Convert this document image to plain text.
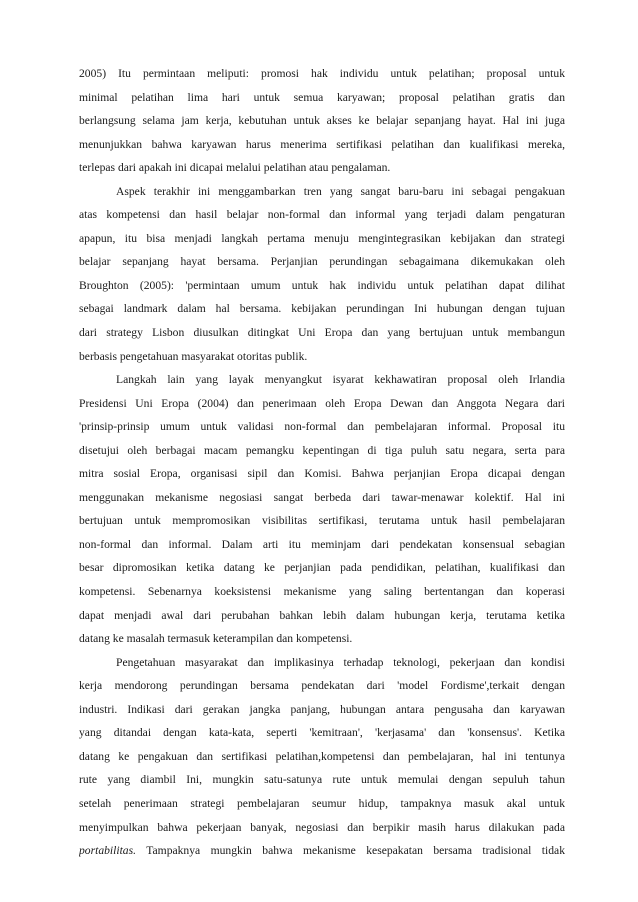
2005) Itu permintaan meliputi: promosi hak individu untuk pelatihan; proposal untuk
minimal pelatihan lima hari untuk semua karyawan; proposal pelatihan gratis dan
berlangsung selama jam kerja, kebutuhan untuk akses ke belajar sepanjang hayat. Hal ini juga
menunjukkan bahwa karyawan harus menerima sertifikasi pelatihan dan kualifikasi mereka,
terlepas dari apakah ini dicapai melalui pelatihan atau pengalaman.
Aspek terakhir ini menggambarkan tren yang sangat baru-baru ini sebagai pengakuan
atas kompetensi dan hasil belajar non-formal dan informal yang terjadi dalam pengaturan
apapun, itu bisa menjadi langkah pertama menuju mengintegrasikan kebijakan dan strategi
belajar sepanjang hayat bersama. Perjanjian perundingan sebagaimana dikemukakan oleh
Broughton (2005): 'permintaan umum untuk hak individu untuk pelatihan dapat dilihat
sebagai landmark dalam hal bersama. kebijakan perundingan Ini hubungan dengan tujuan
dari strategy Lisbon diusulkan ditingkat Uni Eropa dan yang bertujuan untuk membangun
berbasis pengetahuan masyarakat otoritas publik.
Langkah lain yang layak menyangkut isyarat kekhawatiran proposal oleh Irlandia
Presidensi Uni Eropa (2004) dan penerimaan oleh Eropa Dewan dan Anggota Negara dari
'prinsip-prinsip umum untuk validasi non-formal dan pembelajaran informal. Proposal itu
disetujui oleh berbagai macam pemangku kepentingan di tiga puluh satu negara, serta para
mitra sosial Eropa, organisasi sipil dan Komisi. Bahwa perjanjian Eropa dicapai dengan
menggunakan mekanisme negosiasi sangat berbeda dari tawar-menawar kolektif. Hal ini
bertujuan untuk mempromosikan visibilitas sertifikasi, terutama untuk hasil pembelajaran
non-formal dan informal. Dalam arti itu meminjam dari pendekatan konsensual sebagian
besar dipromosikan ketika datang ke perjanjian pada pendidikan, pelatihan, kualifikasi dan
kompetensi. Sebenarnya koeksistensi mekanisme yang saling bertentangan dan koperasi
dapat menjadi awal dari perubahan bahkan lebih dalam hubungan kerja, terutama ketika
datang ke masalah termasuk keterampilan dan kompetensi.
Pengetahuan masyarakat dan implikasinya terhadap teknologi, pekerjaan dan kondisi
kerja mendorong perundingan bersama pendekatan dari 'model Fordisme',terkait dengan
industri. Indikasi dari gerakan jangka panjang, hubungan antara pengusaha dan karyawan
yang ditandai dengan kata-kata, seperti 'kemitraan', 'kerjasama' dan 'konsensus'. Ketika
datang ke pengakuan dan sertifikasi pelatihan,kompetensi dan pembelajaran, hal ini tentunya
rute yang diambil Ini, mungkin satu-satunya rute untuk memulai dengan sepuluh tahun
setelah penerimaan strategi pembelajaran seumur hidup, tampaknya masuk akal untuk
menyimpulkan bahwa pekerjaan banyak, negosiasi dan berpikir masih harus dilakukan pada
portabilitas. Tampaknya mungkin bahwa mekanisme kesepakatan bersama tradisional tidak
